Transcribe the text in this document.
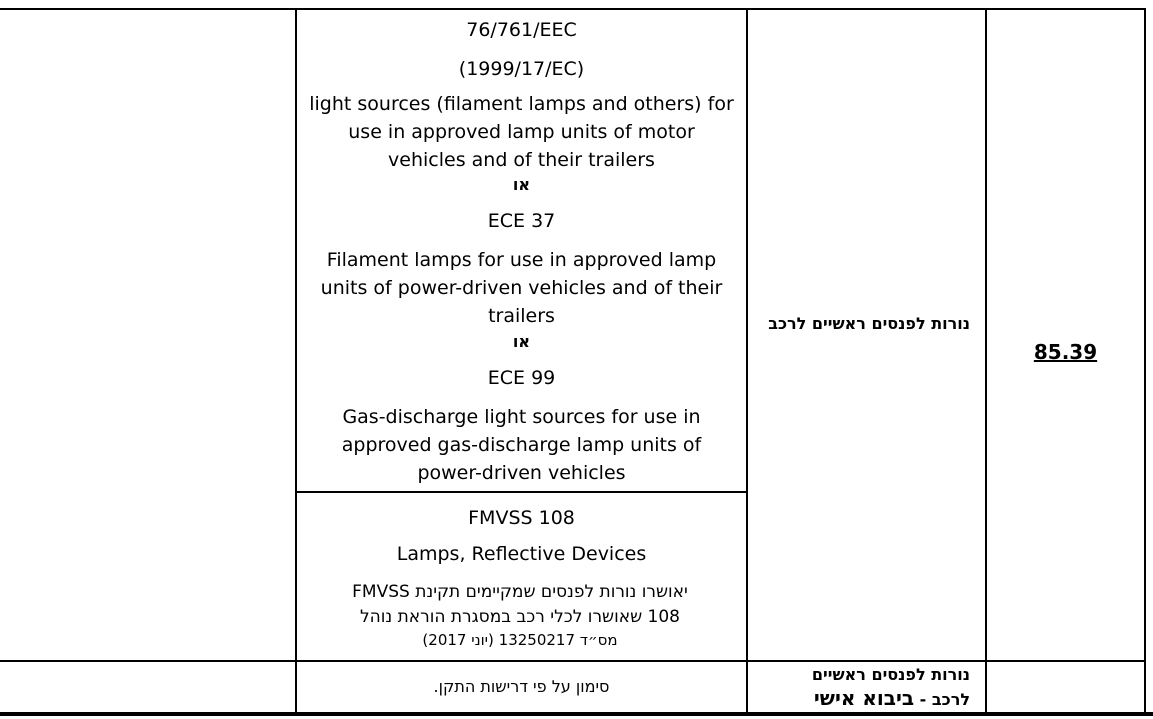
85.39
נורות לפנסים ראשיים לרכב

76/761/EEC

(1999/17/EC)

light sources (filament lamps and others) for use in approved lamp units of motor vehicles and of their trailers

או

ECE 37

Filament lamps for use in approved lamp units of power-driven vehicles and of their trailers

או

ECE 99

Gas-discharge light sources for use in approved gas-discharge lamp units of power-driven vehicles

FMVSS 108

Lamps, Reflective Devices

יאושרו נורות לפנסים שמקיימים תקינת FMVSS
108 שאושרו לכלי רכב במסגרת הוראת נוהל
מס״ד 13250217 (יוני 2017)
נורות לפנסים ראשיים
לרכב - ביבוא אישי
סימון על פי דרישות התקן.
